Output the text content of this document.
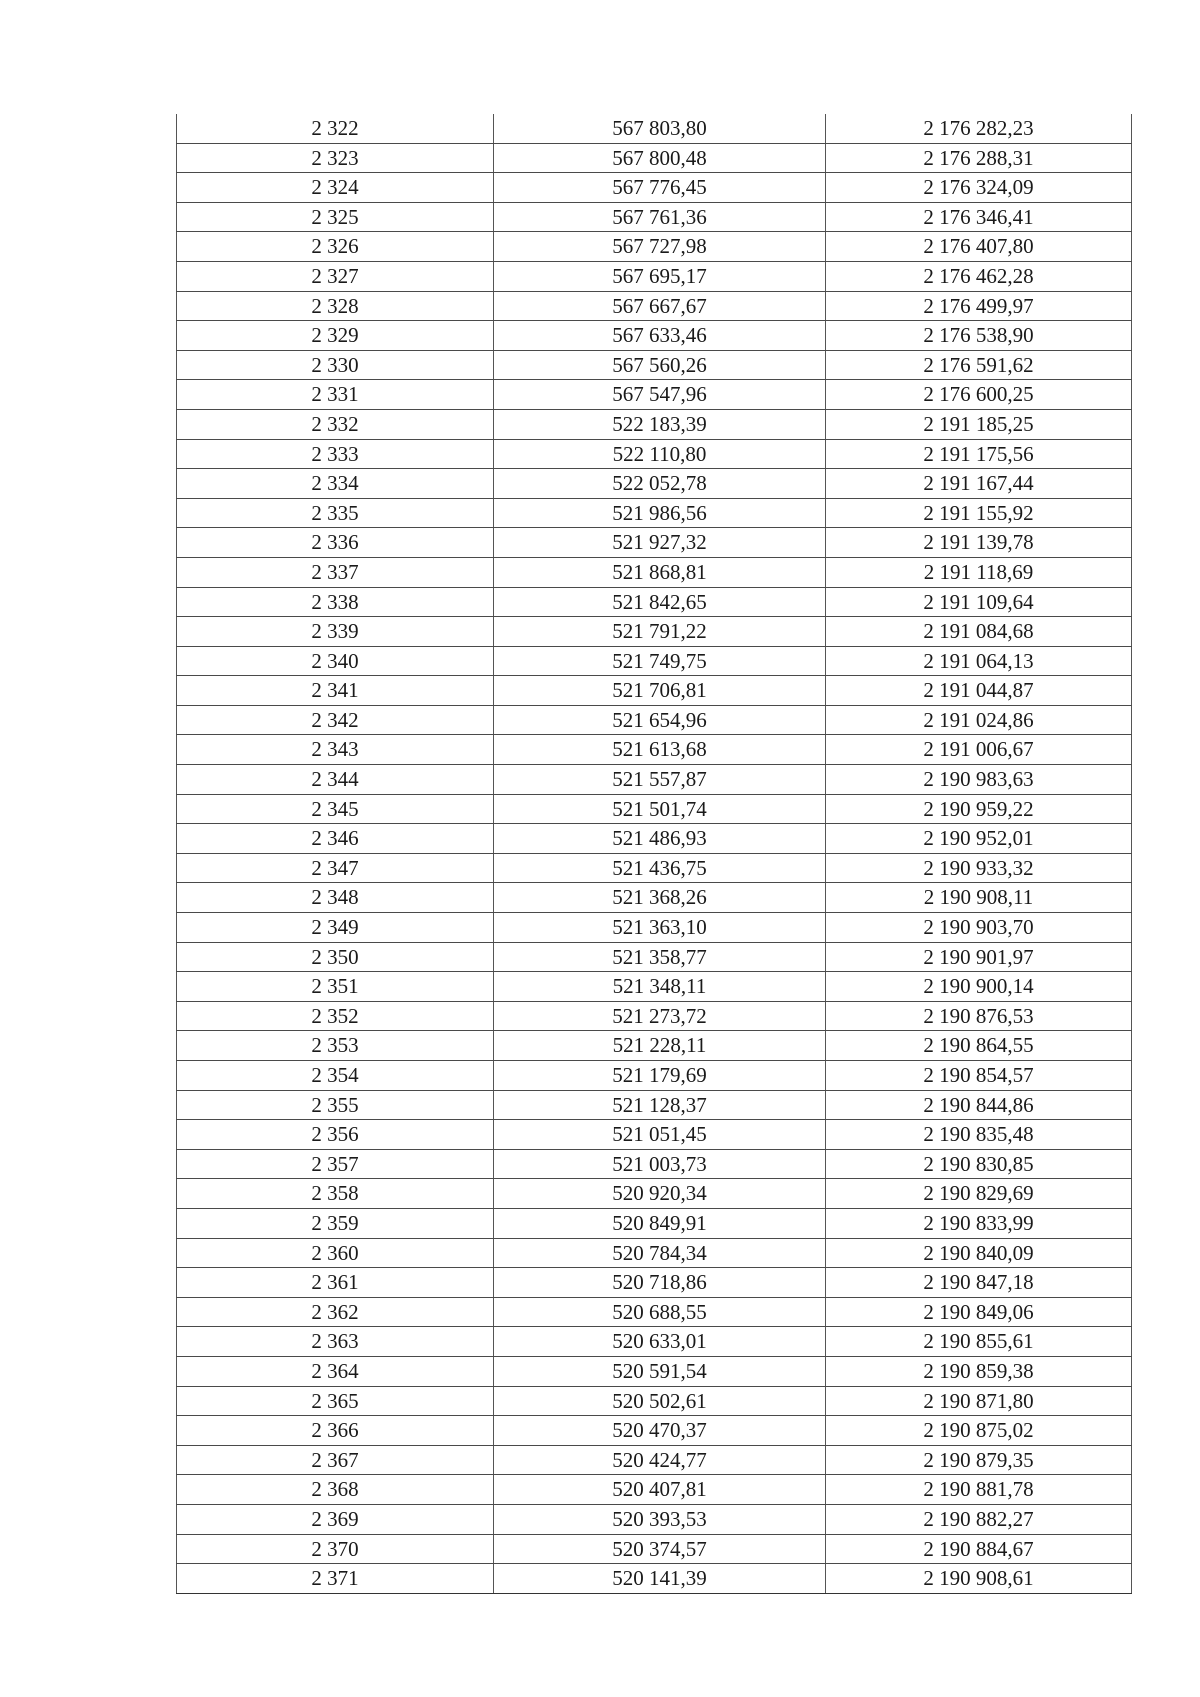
2 322	567 803,80	2 176 282,23
2 323	567 800,48	2 176 288,31
2 324	567 776,45	2 176 324,09
2 325	567 761,36	2 176 346,41
2 326	567 727,98	2 176 407,80
2 327	567 695,17	2 176 462,28
2 328	567 667,67	2 176 499,97
2 329	567 633,46	2 176 538,90
2 330	567 560,26	2 176 591,62
2 331	567 547,96	2 176 600,25
2 332	522 183,39	2 191 185,25
2 333	522 110,80	2 191 175,56
2 334	522 052,78	2 191 167,44
2 335	521 986,56	2 191 155,92
2 336	521 927,32	2 191 139,78
2 337	521 868,81	2 191 118,69
2 338	521 842,65	2 191 109,64
2 339	521 791,22	2 191 084,68
2 340	521 749,75	2 191 064,13
2 341	521 706,81	2 191 044,87
2 342	521 654,96	2 191 024,86
2 343	521 613,68	2 191 006,67
2 344	521 557,87	2 190 983,63
2 345	521 501,74	2 190 959,22
2 346	521 486,93	2 190 952,01
2 347	521 436,75	2 190 933,32
2 348	521 368,26	2 190 908,11
2 349	521 363,10	2 190 903,70
2 350	521 358,77	2 190 901,97
2 351	521 348,11	2 190 900,14
2 352	521 273,72	2 190 876,53
2 353	521 228,11	2 190 864,55
2 354	521 179,69	2 190 854,57
2 355	521 128,37	2 190 844,86
2 356	521 051,45	2 190 835,48
2 357	521 003,73	2 190 830,85
2 358	520 920,34	2 190 829,69
2 359	520 849,91	2 190 833,99
2 360	520 784,34	2 190 840,09
2 361	520 718,86	2 190 847,18
2 362	520 688,55	2 190 849,06
2 363	520 633,01	2 190 855,61
2 364	520 591,54	2 190 859,38
2 365	520 502,61	2 190 871,80
2 366	520 470,37	2 190 875,02
2 367	520 424,77	2 190 879,35
2 368	520 407,81	2 190 881,78
2 369	520 393,53	2 190 882,27
2 370	520 374,57	2 190 884,67
2 371	520 141,39	2 190 908,61
